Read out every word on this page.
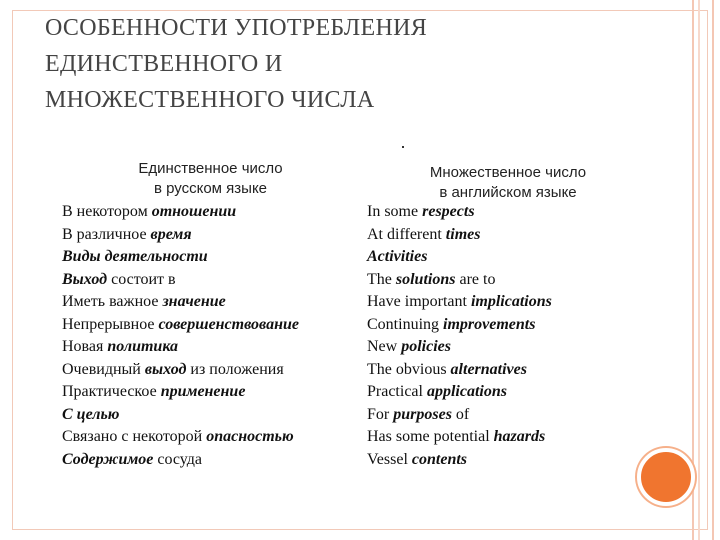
ОСОБЕННОСТИ УПОТРЕБЛЕНИЯ
ЕДИНСТВЕННОГО И
МНОЖЕСТВЕННОГО ЧИСЛА
Единственное число
в русском языке
Множественное число
в английском языке
В некотором отношении
В различное время
Виды деятельности
Выход состоит в
Иметь важное значение
Непрерывное совершенствование
Новая политика
Очевидный выход из положения
Практическое применение
С целью
Связано с некоторой опасностью
Содержимое сосуда
In some respects
At different times
Activities
The solutions are to
Have important implications
Continuing improvements
New policies
The obvious alternatives
Practical applications
For purposes of
Has some potential hazards
Vessel contents
